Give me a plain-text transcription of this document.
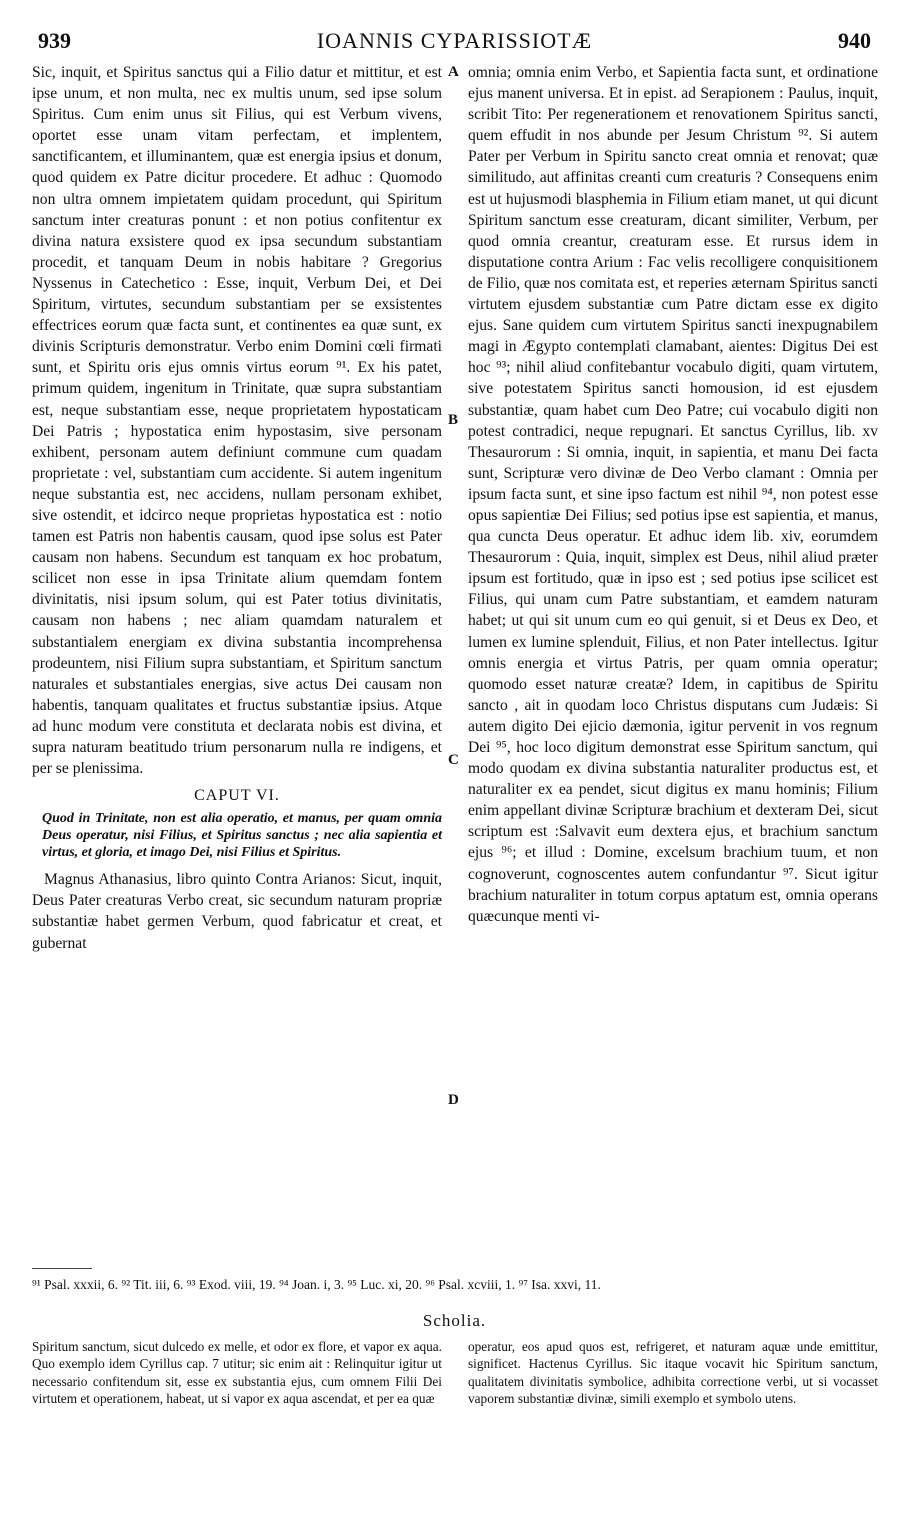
939	IOANNIS CYPARISSIOTÆ	940

Sic, inquit, et Spiritus sanctus qui a Filio datur et mittitur, et est ipse unum, et non multa, nec ex multis unum, sed ipse solum Spiritus. Cum enim unus sit Filius, qui est Verbum vivens, oportet esse unam vitam perfectam, et implentem, sanctificantem, et illuminantem, quæ est energia ipsius et donum, quod quidem ex Patre dicitur procedere. Et adhuc : Quomodo non ultra omnem impietatem quidam procedunt, qui Spiritum sanctum inter creaturas ponunt : et non potius confitentur ex divina natura exsistere quod ex ipsa secundum substantiam procedit, et tanquam Deum in nobis habitare ? Gregorius Nyssenus in Catechetico : Esse, inquit, Verbum Dei, et Dei Spiritum, virtutes, secundum substantiam per se exsistentes effectrices eorum quæ facta sunt, et continentes ea quæ sunt, ex divinis Scripturis demonstratur. Verbo enim Domini cœli firmati sunt, et Spiritu oris ejus omnis virtus eorum ⁹¹. Ex his patet, primum quidem, ingenitum in Trinitate, quæ supra substantiam est, neque substantiam esse, neque proprietatem hypostaticam Dei Patris ; hypostatica enim hypostasim, sive personam exhibent, personam autem definiunt commune cum quadam proprietate : vel, substantiam cum accidente. Si autem ingenitum neque substantia est, nec accidens, nullam personam exhibet, sive ostendit, et idcirco neque proprietas hypostatica est : notio tamen est Patris non habentis causam, quod ipse solus est Pater causam non habens. Secundum est tanquam ex hoc probatum, scilicet non esse in ipsa Trinitate alium quemdam fontem divinitatis, nisi ipsum solum, qui est Pater totius divinitatis, causam non habens ; nec aliam quamdam naturalem et substantialem energiam ex divina substantia incomprehensa prodeuntem, nisi Filium supra substantiam, et Spiritum sanctum naturales et substantiales energias, sive actus Dei causam non habentis, tanquam qualitates et fructus substantiæ ipsius. Atque ad hunc modum vere constituta et declarata nobis est divina, et supra naturam beatitudo trium personarum nulla re indigens, et per se plenissima.

CAPUT VI.
Quod in Trinitate, non est alia operatio, et manus, per quam omnia Deus operatur, nisi Filius, et Spiritus sanctus ; nec alia sapientia et virtus, et gloria, et imago Dei, nisi Filius et Spiritus.

Magnus Athanasius, libro quinto Contra Arianos: Sicut, inquit, Deus Pater creaturas Verbo creat, sic secundum naturam propriæ substantiæ habet germen Verbum, quod fabricatur et creat, et gubernat

A
B
C
D

omnia; omnia enim Verbo, et Sapientia facta sunt, et ordinatione ejus manent universa. Et in epist. ad Serapionem : Paulus, inquit, scribit Tito: Per regenerationem et renovationem Spiritus sancti, quem effudit in nos abunde per Jesum Christum ⁹². Si autem Pater per Verbum in Spiritu sancto creat omnia et renovat; quæ similitudo, aut affinitas creanti cum creaturis ? Consequens enim est ut hujusmodi blasphemia in Filium etiam manet, ut qui dicunt Spiritum sanctum esse creaturam, dicant similiter, Verbum, per quod omnia creantur, creaturam esse. Et rursus idem in disputatione contra Arium : Fac velis recolligere conquisitionem de Filio, quæ nos comitata est, et reperies æternam Spiritus sancti virtutem ejusdem substantiæ cum Patre dictam esse ex digito ejus. Sane quidem cum virtutem Spiritus sancti inexpugnabilem magi in Ægypto contemplati clamabant, aientes: Digitus Dei est hoc ⁹³; nihil aliud confitebantur vocabulo digiti, quam virtutem, sive potestatem Spiritus sancti homousion, id est ejusdem substantiæ, quam habet cum Deo Patre; cui vocabulo digiti non potest contradici, neque repugnari. Et sanctus Cyrillus, lib. xv Thesaurorum : Si omnia, inquit, in sapientia, et manu Dei facta sunt, Scripturæ vero divinæ de Deo Verbo clamant : Omnia per ipsum facta sunt, et sine ipso factum est nihil ⁹⁴, non potest esse opus sapientiæ Dei Filius; sed potius ipse est sapientia, et manus, qua cuncta Deus operatur. Et adhuc idem lib. xiv, eorumdem Thesaurorum : Quia, inquit, simplex est Deus, nihil aliud præter ipsum est fortitudo, quæ in ipso est ; sed potius ipse scilicet est Filius, qui unam cum Patre substantiam, et eamdem naturam habet; ut qui sit unum cum eo qui genuit, si et Deus ex Deo, et lumen ex lumine splenduit, Filius, et non Pater intellectus. Igitur omnis energia et virtus Patris, per quam omnia operatur; quomodo esset naturæ creatæ? Idem, in capitibus de Spiritu sancto , ait in quodam loco Christus disputans cum Judæis: Si autem digito Dei ejicio dæmonia, igitur pervenit in vos regnum Dei ⁹⁵, hoc loco digitum demonstrat esse Spiritum sanctum, qui modo quodam ex divina substantia naturaliter productus est, et naturaliter ex ea pendet, sicut digitus ex manu hominis; Filium enim appellant divinæ Scripturæ brachium et dexteram Dei, sicut scriptum est :Salvavit eum dextera ejus, et brachium sanctum ejus ⁹⁶; et illud : Domine, excelsum brachium tuum, et non cognoverunt, cognoscentes autem confundantur ⁹⁷. Sicut igitur brachium naturaliter in totum corpus aptatum est, omnia operans quæcunque menti vi-

⁹¹ Psal. xxxii, 6. ⁹² Tit. iii, 6. ⁹³ Exod. viii, 19. ⁹⁴ Joan. i, 3. ⁹⁵ Luc. xi, 20. ⁹⁶ Psal. xcviii, 1. ⁹⁷ Isa. xxvi, 11.
Scholia.
Spiritum sanctum, sicut dulcedo ex melle, et odor ex flore, et vapor ex aqua. Quo exemplo idem Cyrillus cap. 7 utitur; sic enim ait : Relinquitur igitur ut necessario confitendum sit, esse ex substantia ejus, cum omnem Filii Dei virtutem et operationem, habeat, ut si vapor ex aqua ascendat, et per ea quæ
operatur, eos apud quos est, refrigeret, et naturam aquæ unde emittitur, significet. Hactenus Cyrillus. Sic itaque vocavit hic Spiritum sanctum, qualitatem divinitatis symbolice, adhibita correctione verbi, ut si vocasset vaporem substantiæ divinæ, simili exemplo et symbolo utens.
